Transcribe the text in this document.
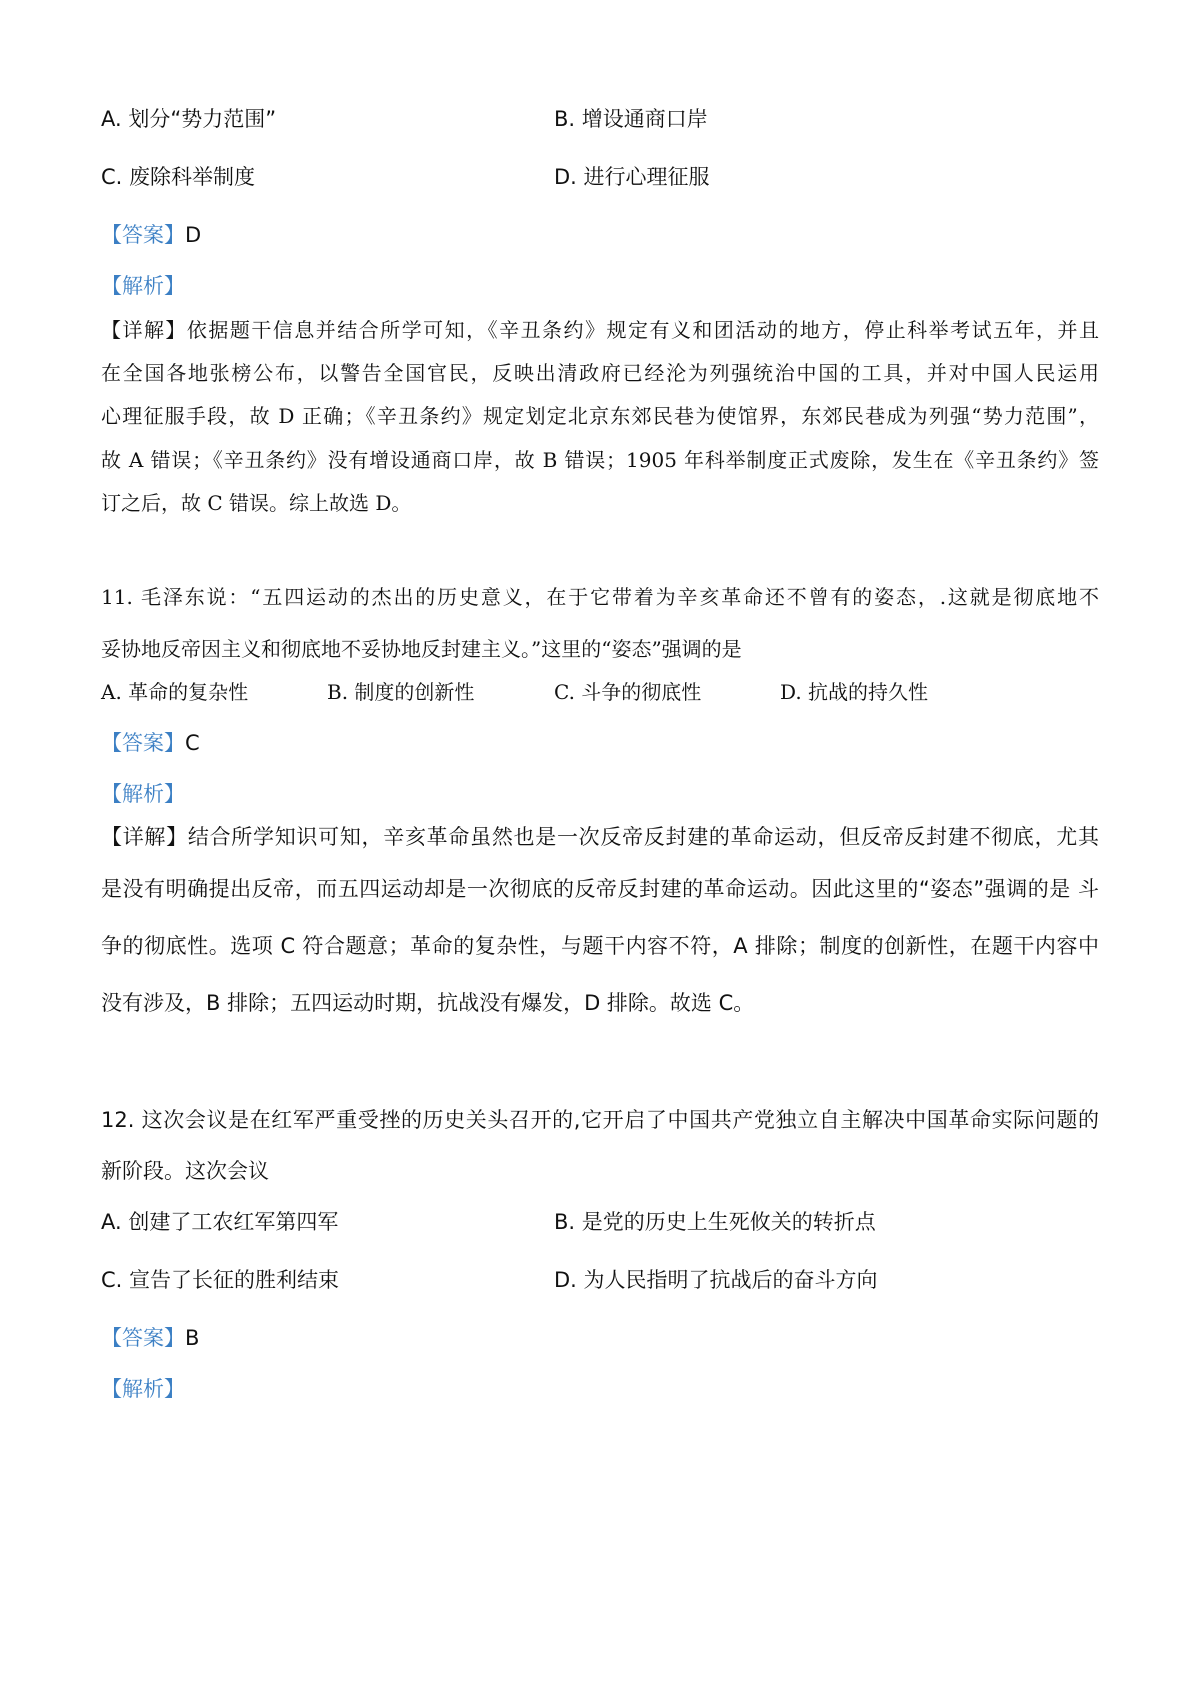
A. 划分“势力范围”	B. 增设通商口岸
C. 废除科举制度	D. 进行心理征服
【答案】D
【解析】
【详解】依据题干信息并结合所学可知，《辛丑条约》规定有义和团活动的地方，停止科举考试五年，并且
在全国各地张榜公布，以警告全国官民，反映出清政府已经沦为列强统治中国的工具，并对中国人民运用
心理征服手段，故 D 正确；《辛丑条约》规定划定北京东郊民巷为使馆界，东郊民巷成为列强“势力范围”，
故 A 错误；《辛丑条约》没有增设通商口岸，故 B 错误；1905 年科举制度正式废除，发生在《辛丑条约》签
订之后，故 C 错误。综上故选 D。
11. 毛泽东说：“五四运动的杰出的历史意义，在于它带着为辛亥革命还不曾有的姿态，.这就是彻底地不
妥协地反帝因主义和彻底地不妥协地反封建主义。”这里的“姿态”强调的是
A. 革命的复杂性	B. 制度的创新性	C. 斗争的彻底性	D. 抗战的持久性
【答案】C
【解析】
【详解】结合所学知识可知，辛亥革命虽然也是一次反帝反封建的革命运动，但反帝反封建不彻底，尤其
是没有明确提出反帝，而五四运动却是一次彻底的反帝反封建的革命运动。因此这里的“姿态”强调的是 斗
争的彻底性。选项 C 符合题意；革命的复杂性，与题干内容不符，A 排除；制度的创新性，在题干内容中
没有涉及，B 排除；五四运动时期，抗战没有爆发，D 排除。故选 C。
12. 这次会议是在红军严重受挫的历史关头召开的,它开启了中国共产党独立自主解决中国革命实际问题的
新阶段。这次会议
A. 创建了工农红军第四军	B. 是党的历史上生死攸关的转折点
C. 宣告了长征的胜利结束	D. 为人民指明了抗战后的奋斗方向
【答案】B
【解析】
